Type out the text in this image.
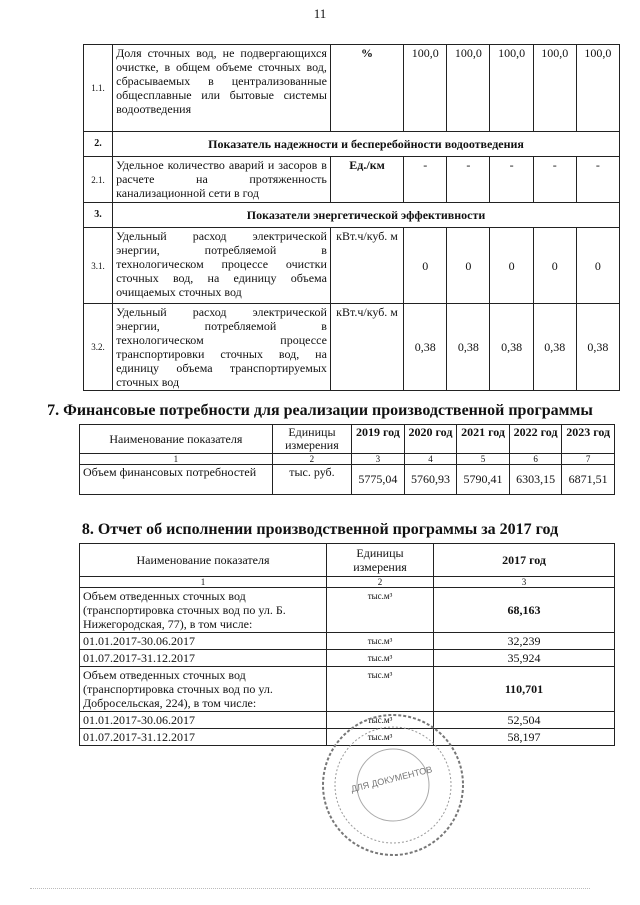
11
1.1.	Доля сточных вод, не подвергающихся очистке, в общем объеме сточных вод, сбрасываемых в централизованные общесплавные или бытовые системы водоотведения	%	100,0	100,0	100,0	100,0	100,0
2.	Показатель надежности и бесперебойности водоотведения						
2.1.	Удельное количество аварий и засоров в расчете на протяженность канализационной сети в год	Ед./км	-	-	-	-	-
3.	Показатели энергетической эффективности						
3.1.	Удельный расход электрической энергии, потребляемой в технологическом процессе очистки сточных вод, на единицу объема очищаемых сточных вод	кВт.ч/куб. м	0	0	0	0	0
3.2.	Удельный расход электрической энергии, потребляемой в технологическом процессе транспортировки сточных вод, на единицу объема транспортируемых сточных вод	кВт.ч/куб. м	0,38	0,38	0,38	0,38	0,38
7. Финансовые потребности для реализации производственной программы
Наименование показателя	Единицы измерения	2019 год	2020 год	2021 год	2022 год	2023 год
1	2	3	4	5	6	7
Объем финансовых потребностей	тыс. руб.	5775,04	5760,93	5790,41	6303,15	6871,51
8. Отчет об исполнении производственной программы за 2017 год
Наименование показателя	Единицы измерения	2017 год
1	2	3
Объем отведенных сточных вод (транспортировка сточных вод по ул. Б. Нижегородская, 77), в том числе:	тыс.м³	68,163
01.01.2017-30.06.2017	тыс.м³	32,239
01.07.2017-31.12.2017	тыс.м³	35,924
Объем отведенных сточных вод (транспортировка сточных вод по ул. Добросельская, 224), в том числе:	тыс.м³	110,701
01.01.2017-30.06.2017	тыс.м³	52,504
01.07.2017-31.12.2017	тыс.м³	58,197
ДЛЯ ДОКУМЕНТОВ
